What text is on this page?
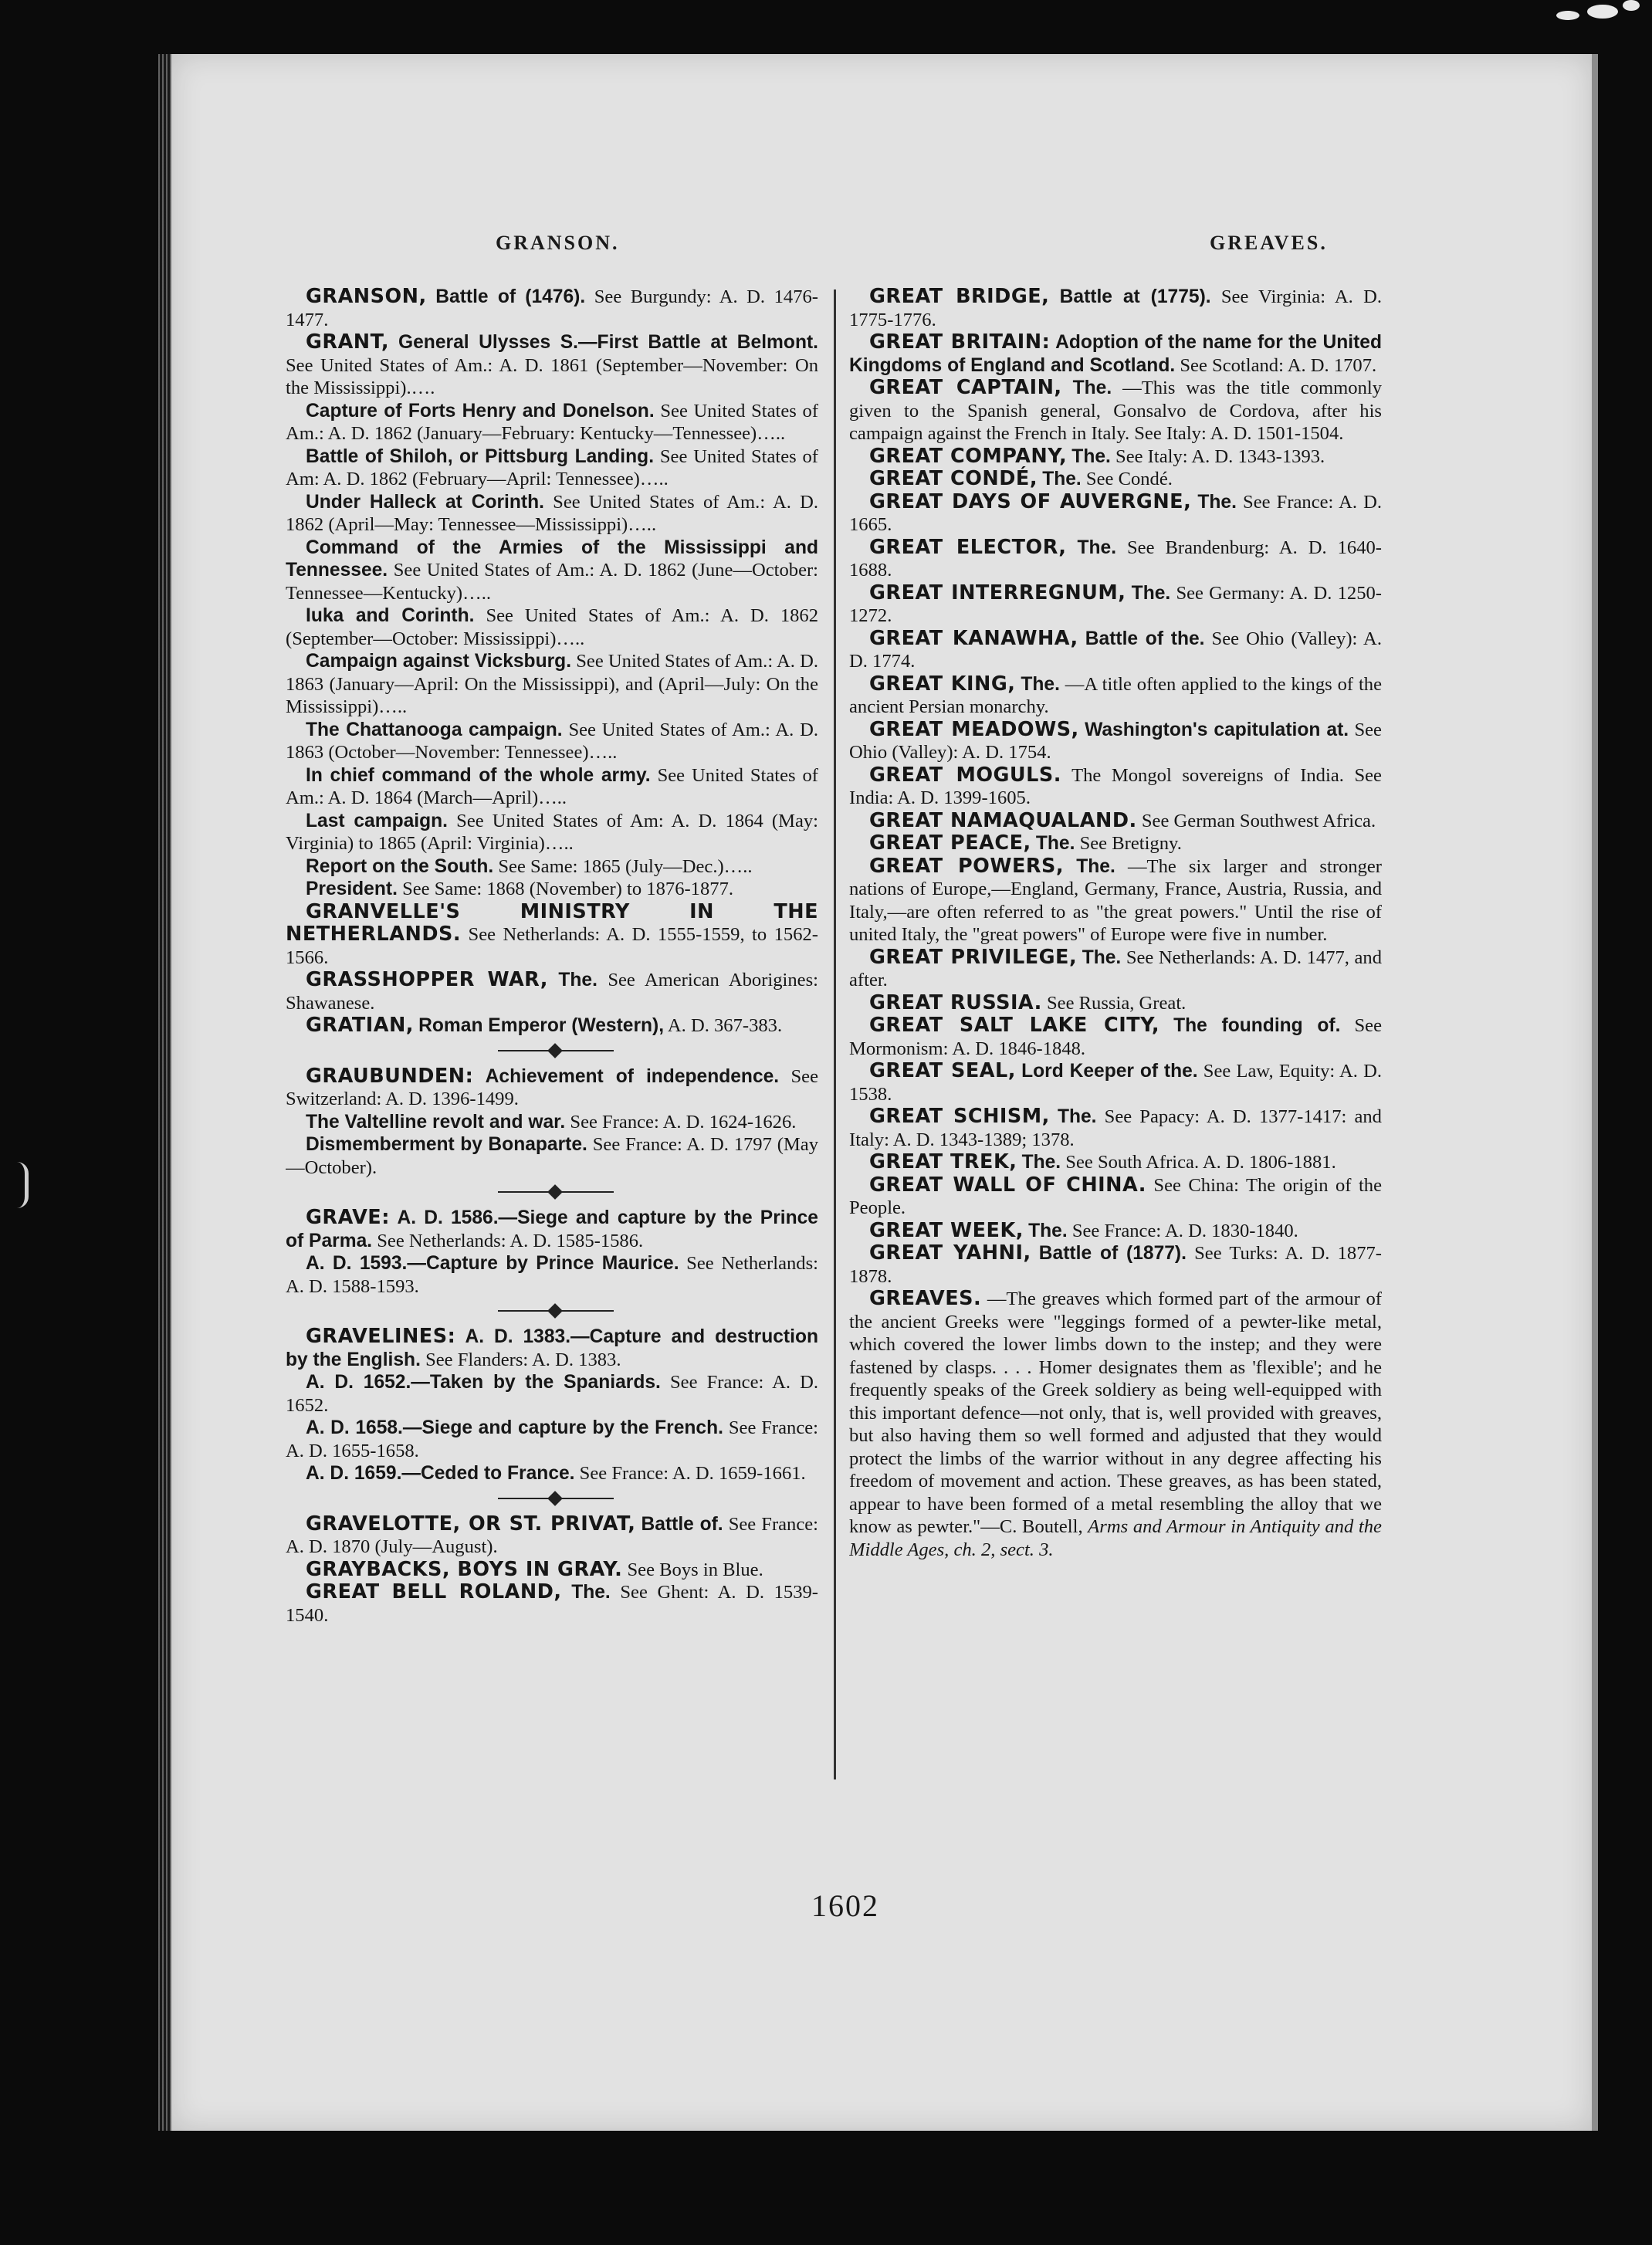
GRANSON.	GREAVES.

GRANSON, Battle of (1476). See Burgundy: A. D. 1476-1477.

GRANT, General Ulysses S.—First Battle at Belmont. See United States of Am.: A. D. 1861 (September—November: On the Mississippi).….

Capture of Forts Henry and Donelson. See United States of Am.: A. D. 1862 (January—February: Kentucky—Tennessee)…..

Battle of Shiloh, or Pittsburg Landing. See United States of Am: A. D. 1862 (February—April: Tennessee)…..

Under Halleck at Corinth. See United States of Am.: A. D. 1862 (April—May: Tennessee—Mississippi)…..

Command of the Armies of the Mississippi and Tennessee. See United States of Am.: A. D. 1862 (June—October: Tennessee—Kentucky)…..

Iuka and Corinth. See United States of Am.: A. D. 1862 (September—October: Mississippi)…..

Campaign against Vicksburg. See United States of Am.: A. D. 1863 (January—April: On the Mississippi), and (April—July: On the Mississippi)…..

The Chattanooga campaign. See United States of Am.: A. D. 1863 (October—November: Tennessee)…..

In chief command of the whole army. See United States of Am.: A. D. 1864 (March—April)…..

Last campaign. See United States of Am: A. D. 1864 (May: Virginia) to 1865 (April: Virginia)…..

Report on the South. See Same: 1865 (July—Dec.)…..

President. See Same: 1868 (November) to 1876-1877.

GRANVELLE'S MINISTRY IN THE NETHERLANDS. See Netherlands: A. D. 1555-1559, to 1562-1566.

GRASSHOPPER WAR, The. See American Aborigines: Shawanese.

GRATIAN, Roman Emperor (Western), A. D. 367-383.

GRAUBUNDEN: Achievement of independence. See Switzerland: A. D. 1396-1499.

The Valtelline revolt and war. See France: A. D. 1624-1626.

Dismemberment by Bonaparte. See France: A. D. 1797 (May—October).

GRAVE: A. D. 1586.—Siege and capture by the Prince of Parma. See Netherlands: A. D. 1585-1586.

A. D. 1593.—Capture by Prince Maurice. See Netherlands: A. D. 1588-1593.

GRAVELINES: A. D. 1383.—Capture and destruction by the English. See Flanders: A. D. 1383.

A. D. 1652.—Taken by the Spaniards. See France: A. D. 1652.

A. D. 1658.—Siege and capture by the French. See France: A. D. 1655-1658.

A. D. 1659.—Ceded to France. See France: A. D. 1659-1661.

GRAVELOTTE, OR ST. PRIVAT, Battle of. See France: A. D. 1870 (July—August).

GRAYBACKS, BOYS IN GRAY. See Boys in Blue.

GREAT BELL ROLAND, The. See Ghent: A. D. 1539-1540.

GREAT BRIDGE, Battle at (1775). See Virginia: A. D. 1775-1776.

GREAT BRITAIN: Adoption of the name for the United Kingdoms of England and Scotland. See Scotland: A. D. 1707.

GREAT CAPTAIN, The. —This was the title commonly given to the Spanish general, Gonsalvo de Cordova, after his campaign against the French in Italy. See Italy: A. D. 1501-1504.

GREAT COMPANY, The. See Italy: A. D. 1343-1393.

GREAT CONDÉ, The. See Condé.

GREAT DAYS OF AUVERGNE, The. See France: A. D. 1665.

GREAT ELECTOR, The. See Brandenburg: A. D. 1640-1688.

GREAT INTERREGNUM, The. See Germany: A. D. 1250-1272.

GREAT KANAWHA, Battle of the. See Ohio (Valley): A. D. 1774.

GREAT KING, The. —A title often applied to the kings of the ancient Persian monarchy.

GREAT MEADOWS, Washington's capitulation at. See Ohio (Valley): A. D. 1754.

GREAT MOGULS. The Mongol sovereigns of India. See India: A. D. 1399-1605.

GREAT NAMAQUALAND. See German Southwest Africa.

GREAT PEACE, The. See Bretigny.

GREAT POWERS, The. —The six larger and stronger nations of Europe,—England, Germany, France, Austria, Russia, and Italy,—are often referred to as "the great powers." Until the rise of united Italy, the "great powers" of Europe were five in number.

GREAT PRIVILEGE, The. See Netherlands: A. D. 1477, and after.

GREAT RUSSIA. See Russia, Great.

GREAT SALT LAKE CITY, The founding of. See Mormonism: A. D. 1846-1848.

GREAT SEAL, Lord Keeper of the. See Law, Equity: A. D. 1538.

GREAT SCHISM, The. See Papacy: A. D. 1377-1417: and Italy: A. D. 1343-1389; 1378.

GREAT TREK, The. See South Africa. A. D. 1806-1881.

GREAT WALL OF CHINA. See China: The origin of the People.

GREAT WEEK, The. See France: A. D. 1830-1840.

GREAT YAHNI, Battle of (1877). See Turks: A. D. 1877-1878.

GREAVES. —The greaves which formed part of the armour of the ancient Greeks were "leggings formed of a pewter-like metal, which covered the lower limbs down to the instep; and they were fastened by clasps. . . . Homer designates them as 'flexible'; and he frequently speaks of the Greek soldiery as being well-equipped with this important defence—not only, that is, well provided with greaves, but also having them so well formed and adjusted that they would protect the limbs of the warrior without in any degree affecting his freedom of movement and action. These greaves, as has been stated, appear to have been formed of a metal resembling the alloy that we know as pewter."—C. Boutell, Arms and Armour in Antiquity and the Middle Ages, ch. 2, sect. 3.

1602
